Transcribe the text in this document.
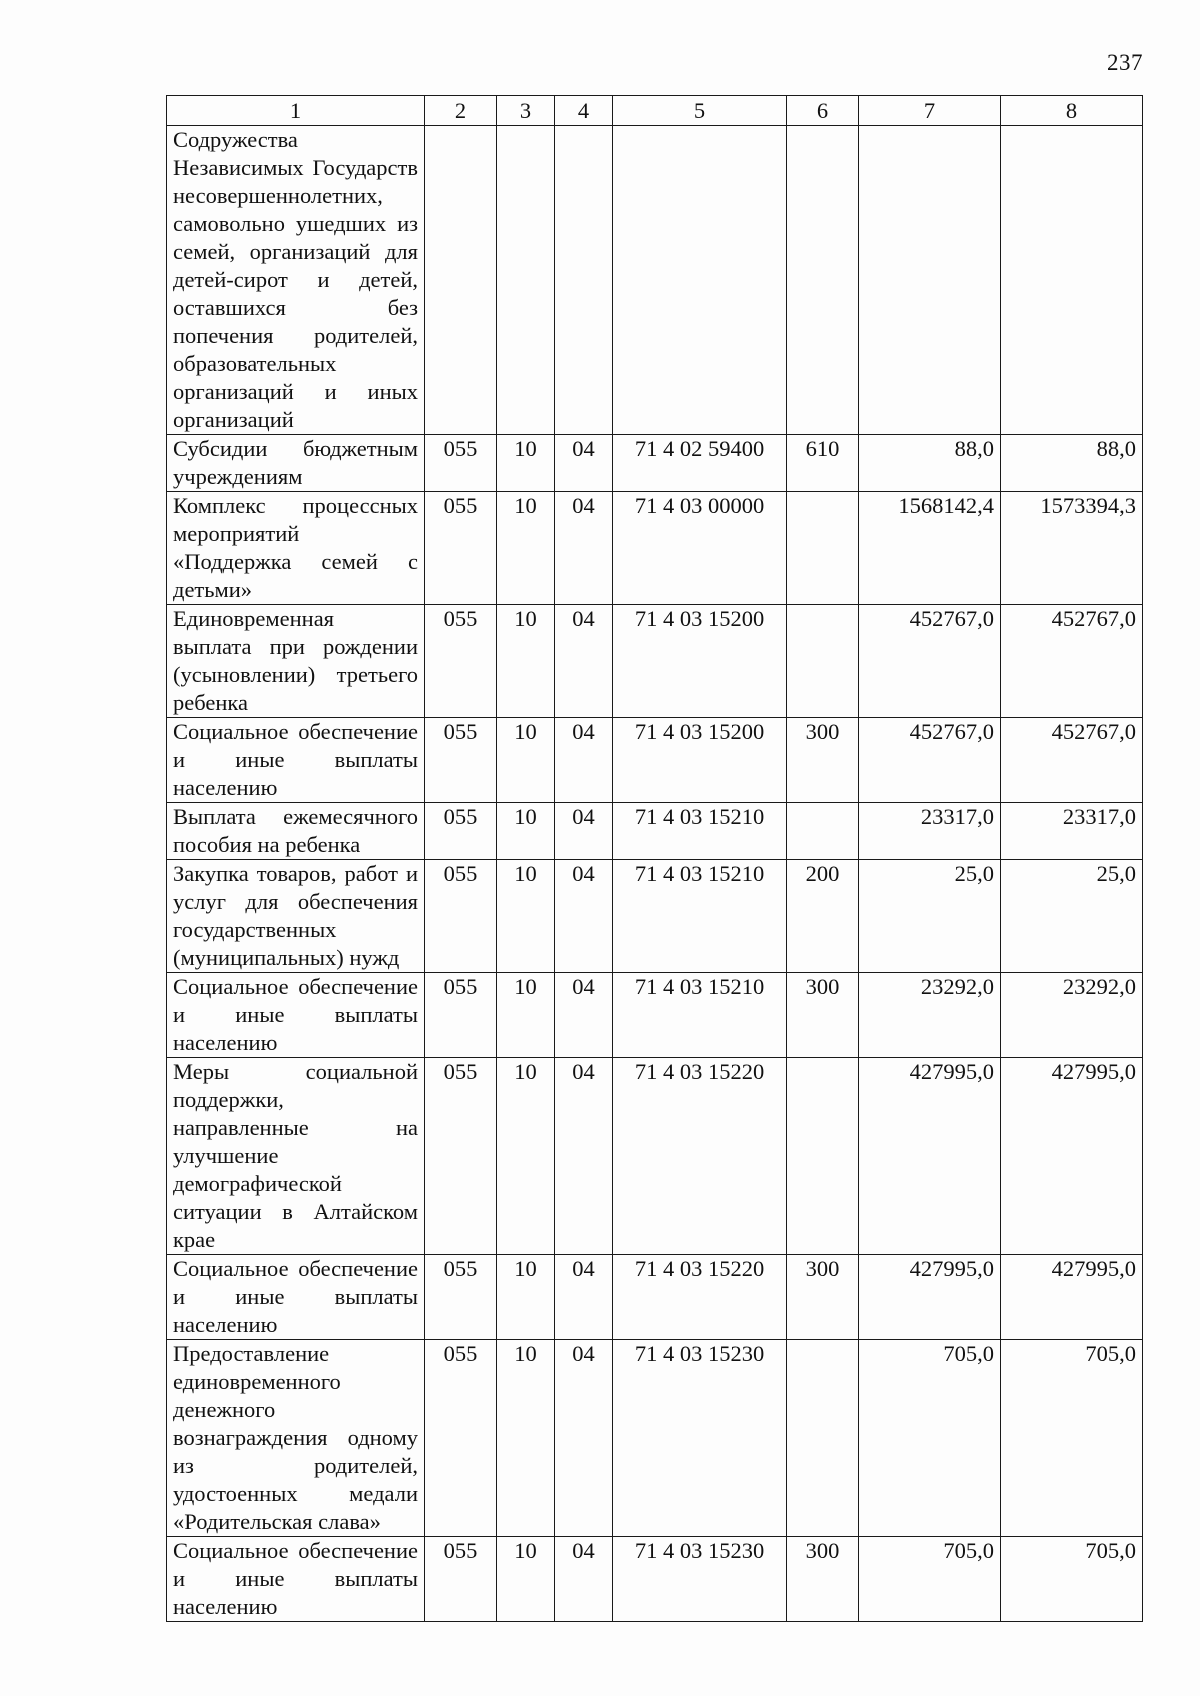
237
1	2	3	4	5	6	7	8
Содружества Независимых Государств несовершеннолетних, самовольно ушедших из семей, организаций для детей-сирот и детей, оставшихся без попечения родителей, образовательных организаций и иных организаций							
Субсидии бюджетным учреждениям	055	10	04	71 4 02 59400	610	88,0	88,0
Комплекс процессных мероприятий «Поддержка семей с детьми»	055	10	04	71 4 03 00000		1568142,4	1573394,3
Единовременная выплата при рождении (усыновлении) третьего ребенка	055	10	04	71 4 03 15200		452767,0	452767,0
Социальное обеспечение и иные выплаты населению	055	10	04	71 4 03 15200	300	452767,0	452767,0
Выплата ежемесячного пособия на ребенка	055	10	04	71 4 03 15210		23317,0	23317,0
Закупка товаров, работ и услуг для обеспечения государственных (муниципальных) нужд	055	10	04	71 4 03 15210	200	25,0	25,0
Социальное обеспечение и иные выплаты населению	055	10	04	71 4 03 15210	300	23292,0	23292,0
Меры социальной поддержки, направленные на улучшение демографической ситуации в Алтайском крае	055	10	04	71 4 03 15220		427995,0	427995,0
Социальное обеспечение и иные выплаты населению	055	10	04	71 4 03 15220	300	427995,0	427995,0
Предоставление единовременного денежного вознаграждения одному из родителей, удостоенных медали «Родительская слава»	055	10	04	71 4 03 15230		705,0	705,0
Социальное обеспечение и иные выплаты населению	055	10	04	71 4 03 15230	300	705,0	705,0
